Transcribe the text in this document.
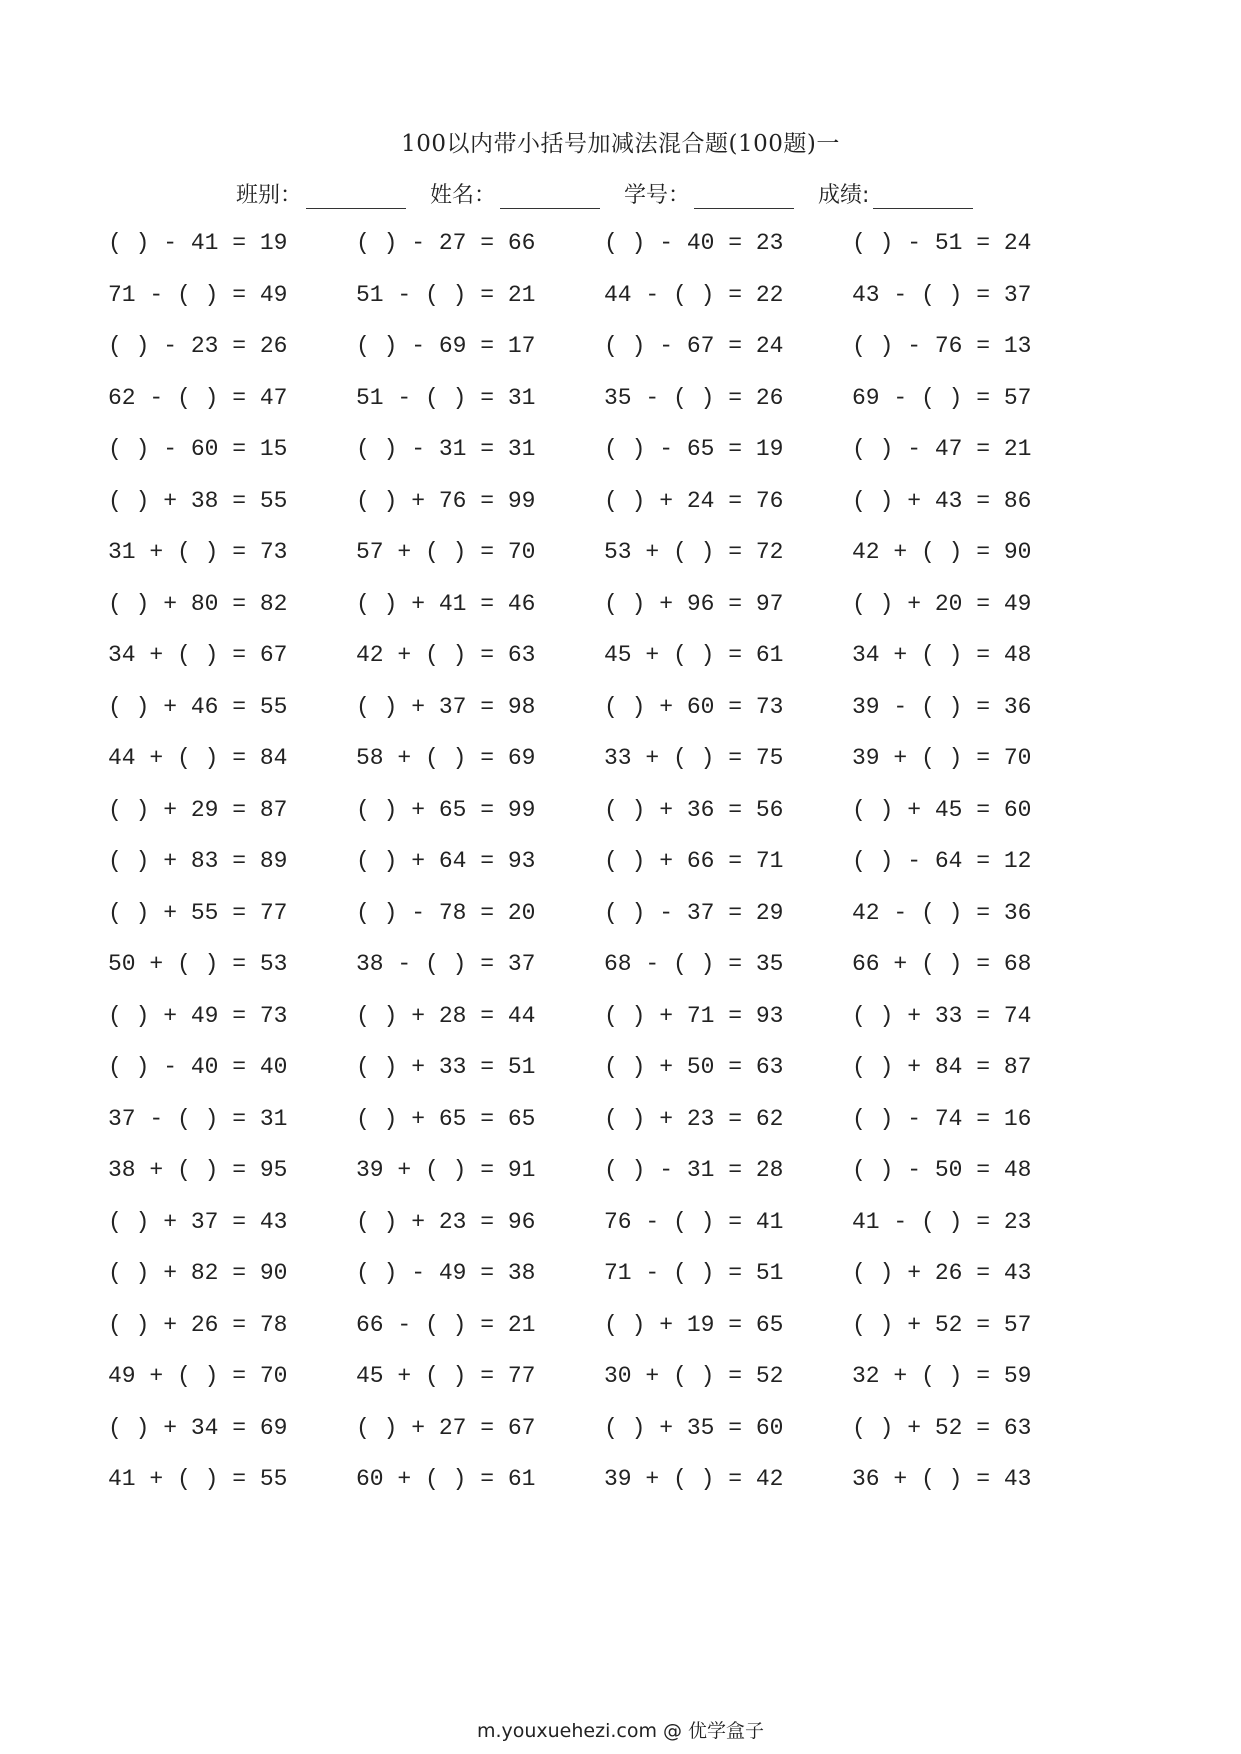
100以内带小括号加减法混合题(100题)一
班别：	姓名：	学号：	成绩:
( ) - 41 = 19	( ) - 27 = 66	( ) - 40 = 23	( ) - 51 = 24
71 - ( ) = 49	51 - ( ) = 21	44 - ( ) = 22	43 - ( ) = 37
( ) - 23 = 26	( ) - 69 = 17	( ) - 67 = 24	( ) - 76 = 13
62 - ( ) = 47	51 - ( ) = 31	35 - ( ) = 26	69 - ( ) = 57
( ) - 60 = 15	( ) - 31 = 31	( ) - 65 = 19	( ) - 47 = 21
( ) + 38 = 55	( ) + 76 = 99	( ) + 24 = 76	( ) + 43 = 86
31 + ( ) = 73	57 + ( ) = 70	53 + ( ) = 72	42 + ( ) = 90
( ) + 80 = 82	( ) + 41 = 46	( ) + 96 = 97	( ) + 20 = 49
34 + ( ) = 67	42 + ( ) = 63	45 + ( ) = 61	34 + ( ) = 48
( ) + 46 = 55	( ) + 37 = 98	( ) + 60 = 73	39 - ( ) = 36
44 + ( ) = 84	58 + ( ) = 69	33 + ( ) = 75	39 + ( ) = 70
( ) + 29 = 87	( ) + 65 = 99	( ) + 36 = 56	( ) + 45 = 60
( ) + 83 = 89	( ) + 64 = 93	( ) + 66 = 71	( ) - 64 = 12
( ) + 55 = 77	( ) - 78 = 20	( ) - 37 = 29	42 - ( ) = 36
50 + ( ) = 53	38 - ( ) = 37	68 - ( ) = 35	66 + ( ) = 68
( ) + 49 = 73	( ) + 28 = 44	( ) + 71 = 93	( ) + 33 = 74
( ) - 40 = 40	( ) + 33 = 51	( ) + 50 = 63	( ) + 84 = 87
37 - ( ) = 31	( ) + 65 = 65	( ) + 23 = 62	( ) - 74 = 16
38 + ( ) = 95	39 + ( ) = 91	( ) - 31 = 28	( ) - 50 = 48
( ) + 37 = 43	( ) + 23 = 96	76 - ( ) = 41	41 - ( ) = 23
( ) + 82 = 90	( ) - 49 = 38	71 - ( ) = 51	( ) + 26 = 43
( ) + 26 = 78	66 - ( ) = 21	( ) + 19 = 65	( ) + 52 = 57
49 + ( ) = 70	45 + ( ) = 77	30 + ( ) = 52	32 + ( ) = 59
( ) + 34 = 69	( ) + 27 = 67	( ) + 35 = 60	( ) + 52 = 63
41 + ( ) = 55	60 + ( ) = 61	39 + ( ) = 42	36 + ( ) = 43
m.youxuehezi.com @ 优学盒子
